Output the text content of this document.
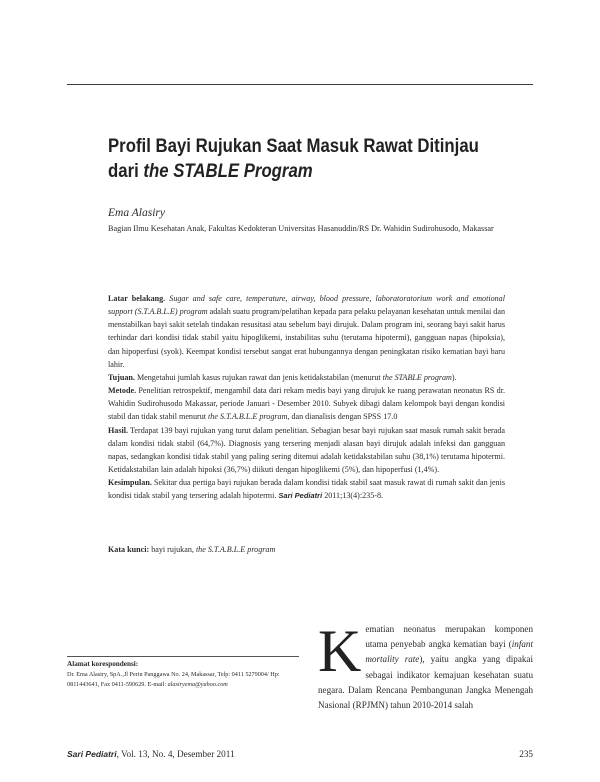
Profil Bayi Rujukan Saat Masuk Rawat Ditinjau
dari the STABLE Program
Ema Alasiry
Bagian Ilmu Kesehatan Anak, Fakultas Kedokteran Universitas Hasanuddin/RS Dr. Wahidin Sudirohusodo, Makassar

Latar belakang. Sugar and safe care, temperature, airway, blood pressure, laboratoratorium work and emotional support (S.T.A.B.L.E) program adalah suatu program/pelatihan kepada para pelaku pelayanan kesehatan untuk menilai dan menstabilkan bayi sakit setelah tindakan resusitasi atau sebelum bayi dirujuk. Dalam program ini, seorang bayi sakit harus terhindar dari kondisi tidak stabil yaitu hipoglikemi, instabilitas suhu (terutama hipotermi), gangguan napas (hipoksia), dan hipoperfusi (syok). Keempat kondisi tersebut sangat erat hubungannya dengan peningkatan risiko kematian bayi baru lahir.

Tujuan. Mengetahui jumlah kasus rujukan rawat dan jenis ketidakstabilan (menurut the STABLE program).

Metode. Penelitian retrospektif, mengambil data dari rekam medis bayi yang dirujuk ke ruang perawatan neonatus RS dr. Wahidin Sudirohusodo Makassar, periode Januari - Desember 2010. Subyek dibagi dalam kelompok bayi dengan kondisi stabil dan tidak stabil menurut the S.T.A.B.L.E program, dan dianalisis dengan SPSS 17.0

Hasil. Terdapat 139 bayi rujukan yang turut dalam penelitian. Sebagian besar bayi rujukan saat masuk rumah sakit berada dalam kondisi tidak stabil (64,7%). Diagnosis yang tersering menjadi alasan bayi dirujuk adalah infeksi dan gangguan napas, sedangkan kondisi tidak stabil yang paling sering ditemui adalah ketidakstabilan suhu (38,1%) terutama hipotermi. Ketidakstabilan lain adalah hipoksi (36,7%) diikuti dengan hipoglikemi (5%), dan hipoperfusi (1,4%).

Kesimpulan. Sekitar dua pertiga bayi rujukan berada dalam kondisi tidak stabil saat masuk rawat di rumah sakit dan jenis kondisi tidak stabil yang tersering adalah hipotermi. Sari Pediatri 2011;13(4):235-8.

Kata kunci: bayi rujukan, the S.T.A.B.L.E program
Alamat korespondensi:
Dr. Ema Alasiry, SpA.,Jl Perin Panggawa No. 24, Makassar, Telp: 0411 5279004/ Hp: 0811443641, Fax 0411-590629. E-mail: alasiryema@yahoo.com
Kematian neonatus merupakan komponen utama penyebab angka kematian bayi (infant mortality rate), yaitu angka yang dipakai sebagai indikator kemajuan kesehatan suatu negara. Dalam Rencana Pembangunan Jangka Menengah Nasional (RPJMN) tahun 2010-2014 salah
Sari Pediatri, Vol. 13, No. 4, Desember 2011	235
